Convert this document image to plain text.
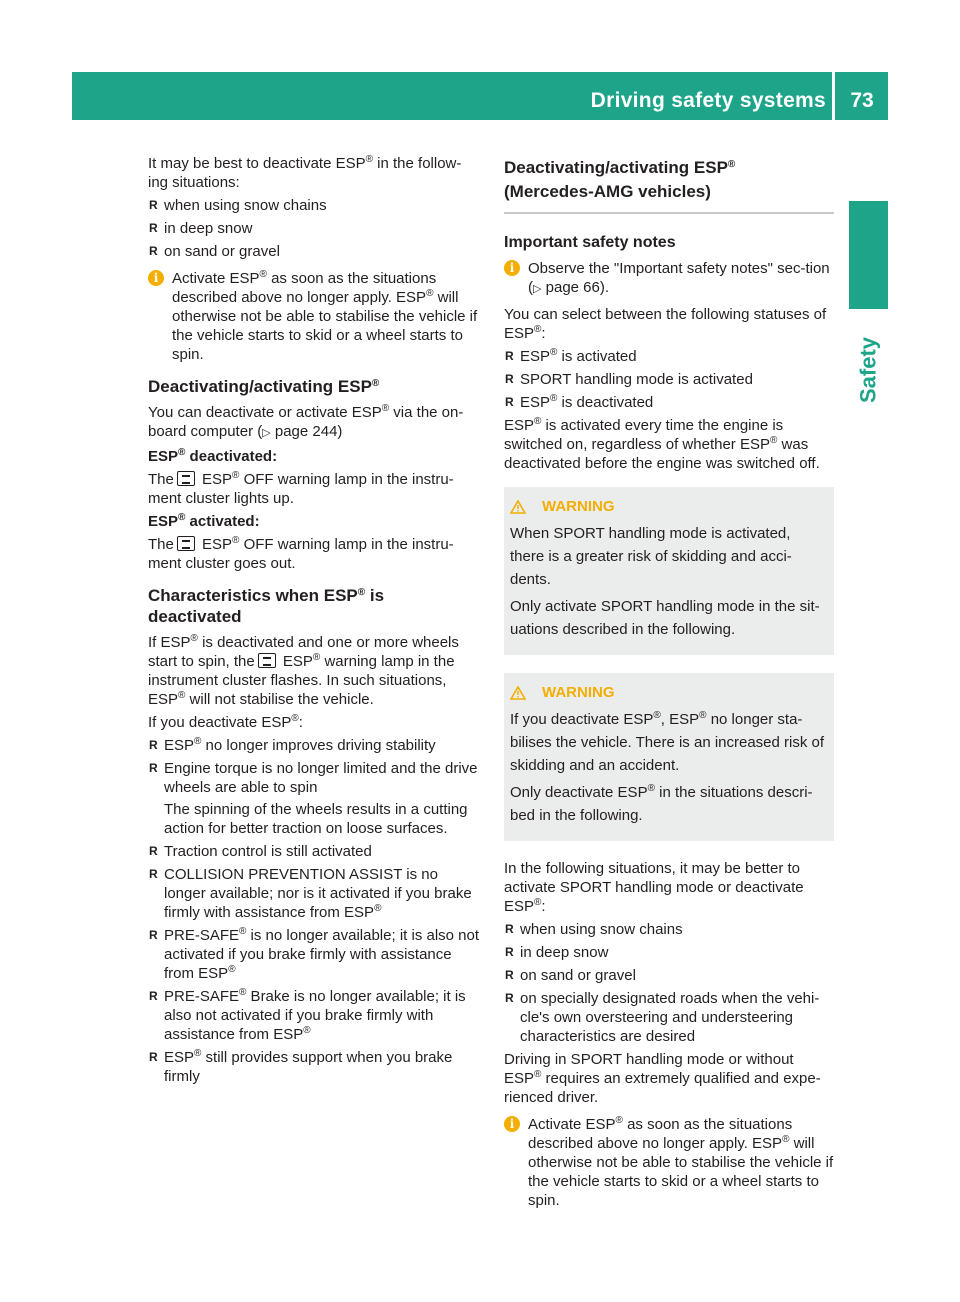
Driving safety systems	73
Safety

It may be best to deactivate ESP® in the follow-ing situations:

R when using snow chains
R in deep snow
R on sand or gravel
i Activate ESP® as soon as the situations described above no longer apply. ESP® will otherwise not be able to stabilise the vehicle if the vehicle starts to skid or a wheel starts to spin.
Deactivating/activating ESP®

You can deactivate or activate ESP® via the on-board computer (▷ page 244)

ESP® deactivated:

The ESP® OFF warning lamp in the instru-ment cluster lights up.

ESP® activated:

The ESP® OFF warning lamp in the instru-ment cluster goes out.

Characteristics when ESP® is deactivated

If ESP® is deactivated and one or more wheels start to spin, the ESP® warning lamp in the instrument cluster flashes. In such situations, ESP® will not stabilise the vehicle.

If you deactivate ESP®:

R ESP® no longer improves driving stability
R Engine torque is no longer limited and the drive wheels are able to spin
The spinning of the wheels results in a cutting action for better traction on loose surfaces.
R Traction control is still activated
R COLLISION PREVENTION ASSIST is no longer available; nor is it activated if you brake firmly with assistance from ESP®
R PRE-SAFE® is no longer available; it is also not activated if you brake firmly with assistance from ESP®
R PRE-SAFE® Brake is no longer available; it is also not activated if you brake firmly with assistance from ESP®
R ESP® still provides support when you brake firmly
Deactivating/activating ESP®
(Mercedes-AMG vehicles)
Important safety notes
i Observe the "Important safety notes" sec-tion (▷ page 66).

You can select between the following statuses of ESP®:

R ESP® is activated
R SPORT handling mode is activated
R ESP® is deactivated

ESP® is activated every time the engine is switched on, regardless of whether ESP® was deactivated before the engine was switched off.

WARNING

When SPORT handling mode is activated, there is a greater risk of skidding and acci-dents.

Only activate SPORT handling mode in the sit-uations described in the following.

WARNING

If you deactivate ESP®, ESP® no longer sta-bilises the vehicle. There is an increased risk of skidding and an accident.

Only deactivate ESP® in the situations descri-bed in the following.

In the following situations, it may be better to activate SPORT handling mode or deactivate ESP®:

R when using snow chains
R in deep snow
R on sand or gravel
R on specially designated roads when the vehi-cle's own oversteering and understeering characteristics are desired

Driving in SPORT handling mode or without ESP® requires an extremely qualified and expe-rienced driver.

i Activate ESP® as soon as the situations described above no longer apply. ESP® will otherwise not be able to stabilise the vehicle if the vehicle starts to skid or a wheel starts to spin.
